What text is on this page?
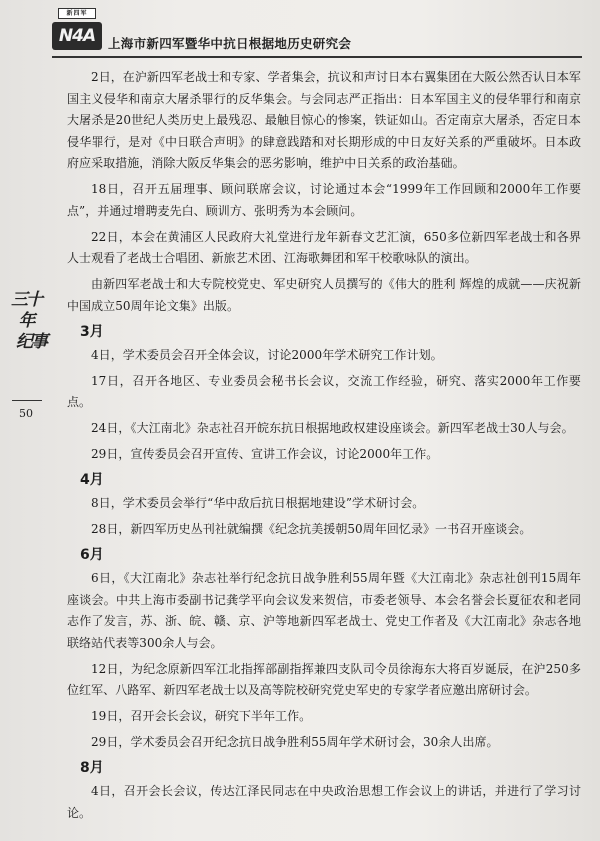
新四军
N4A	上海市新四军暨华中抗日根据地历史研究会
三十年
纪事
50

2日，在沪新四军老战士和专家、学者集会，抗议和声讨日本右翼集团在大阪公然否认日本军国主义侵华和南京大屠杀罪行的反华集会。与会同志严正指出：日本军国主义的侵华罪行和南京大屠杀是20世纪人类历史上最残忍、最触目惊心的惨案，铁证如山。否定南京大屠杀，否定日本侵华罪行，是对《中日联合声明》的肆意践踏和对长期形成的中日友好关系的严重破坏。日本政府应采取措施，消除大阪反华集会的恶劣影响，维护中日关系的政治基础。

18日，召开五届理事、顾问联席会议，讨论通过本会“1999年工作回顾和2000年工作要点”，并通过增聘麦先白、顾训方、张明秀为本会顾问。

22日，本会在黄浦区人民政府大礼堂进行龙年新春文艺汇演，650多位新四军老战士和各界人士观看了老战士合唱团、新旅艺术团、江海歌舞团和军干校歌咏队的演出。

由新四军老战士和大专院校党史、军史研究人员撰写的《伟大的胜利 辉煌的成就——庆祝新中国成立50周年论文集》出版。

3月

4日，学术委员会召开全体会议，讨论2000年学术研究工作计划。

17日，召开各地区、专业委员会秘书长会议，交流工作经验，研究、落实2000年工作要点。

24日，《大江南北》杂志社召开皖东抗日根据地政权建设座谈会。新四军老战士30人与会。

29日，宣传委员会召开宣传、宣讲工作会议，讨论2000年工作。

4月

8日，学术委员会举行“华中敌后抗日根据地建设”学术研讨会。

28日，新四军历史丛刊社就编撰《纪念抗美援朝50周年回忆录》一书召开座谈会。

6月

6日，《大江南北》杂志社举行纪念抗日战争胜利55周年暨《大江南北》杂志社创刊15周年座谈会。中共上海市委副书记龚学平向会议发来贺信，市委老领导、本会名誉会长夏征农和老同志作了发言，苏、浙、皖、赣、京、沪等地新四军老战士、党史工作者及《大江南北》杂志各地联络站代表等300余人与会。

12日，为纪念原新四军江北指挥部副指挥兼四支队司令员徐海东大将百岁诞辰，在沪250多位红军、八路军、新四军老战士以及高等院校研究党史军史的专家学者应邀出席研讨会。

19日，召开会长会议，研究下半年工作。

29日，学术委员会召开纪念抗日战争胜利55周年学术研讨会，30余人出席。

8月

4日，召开会长会议，传达江泽民同志在中央政治思想工作会议上的讲话，并进行了学习讨论。
